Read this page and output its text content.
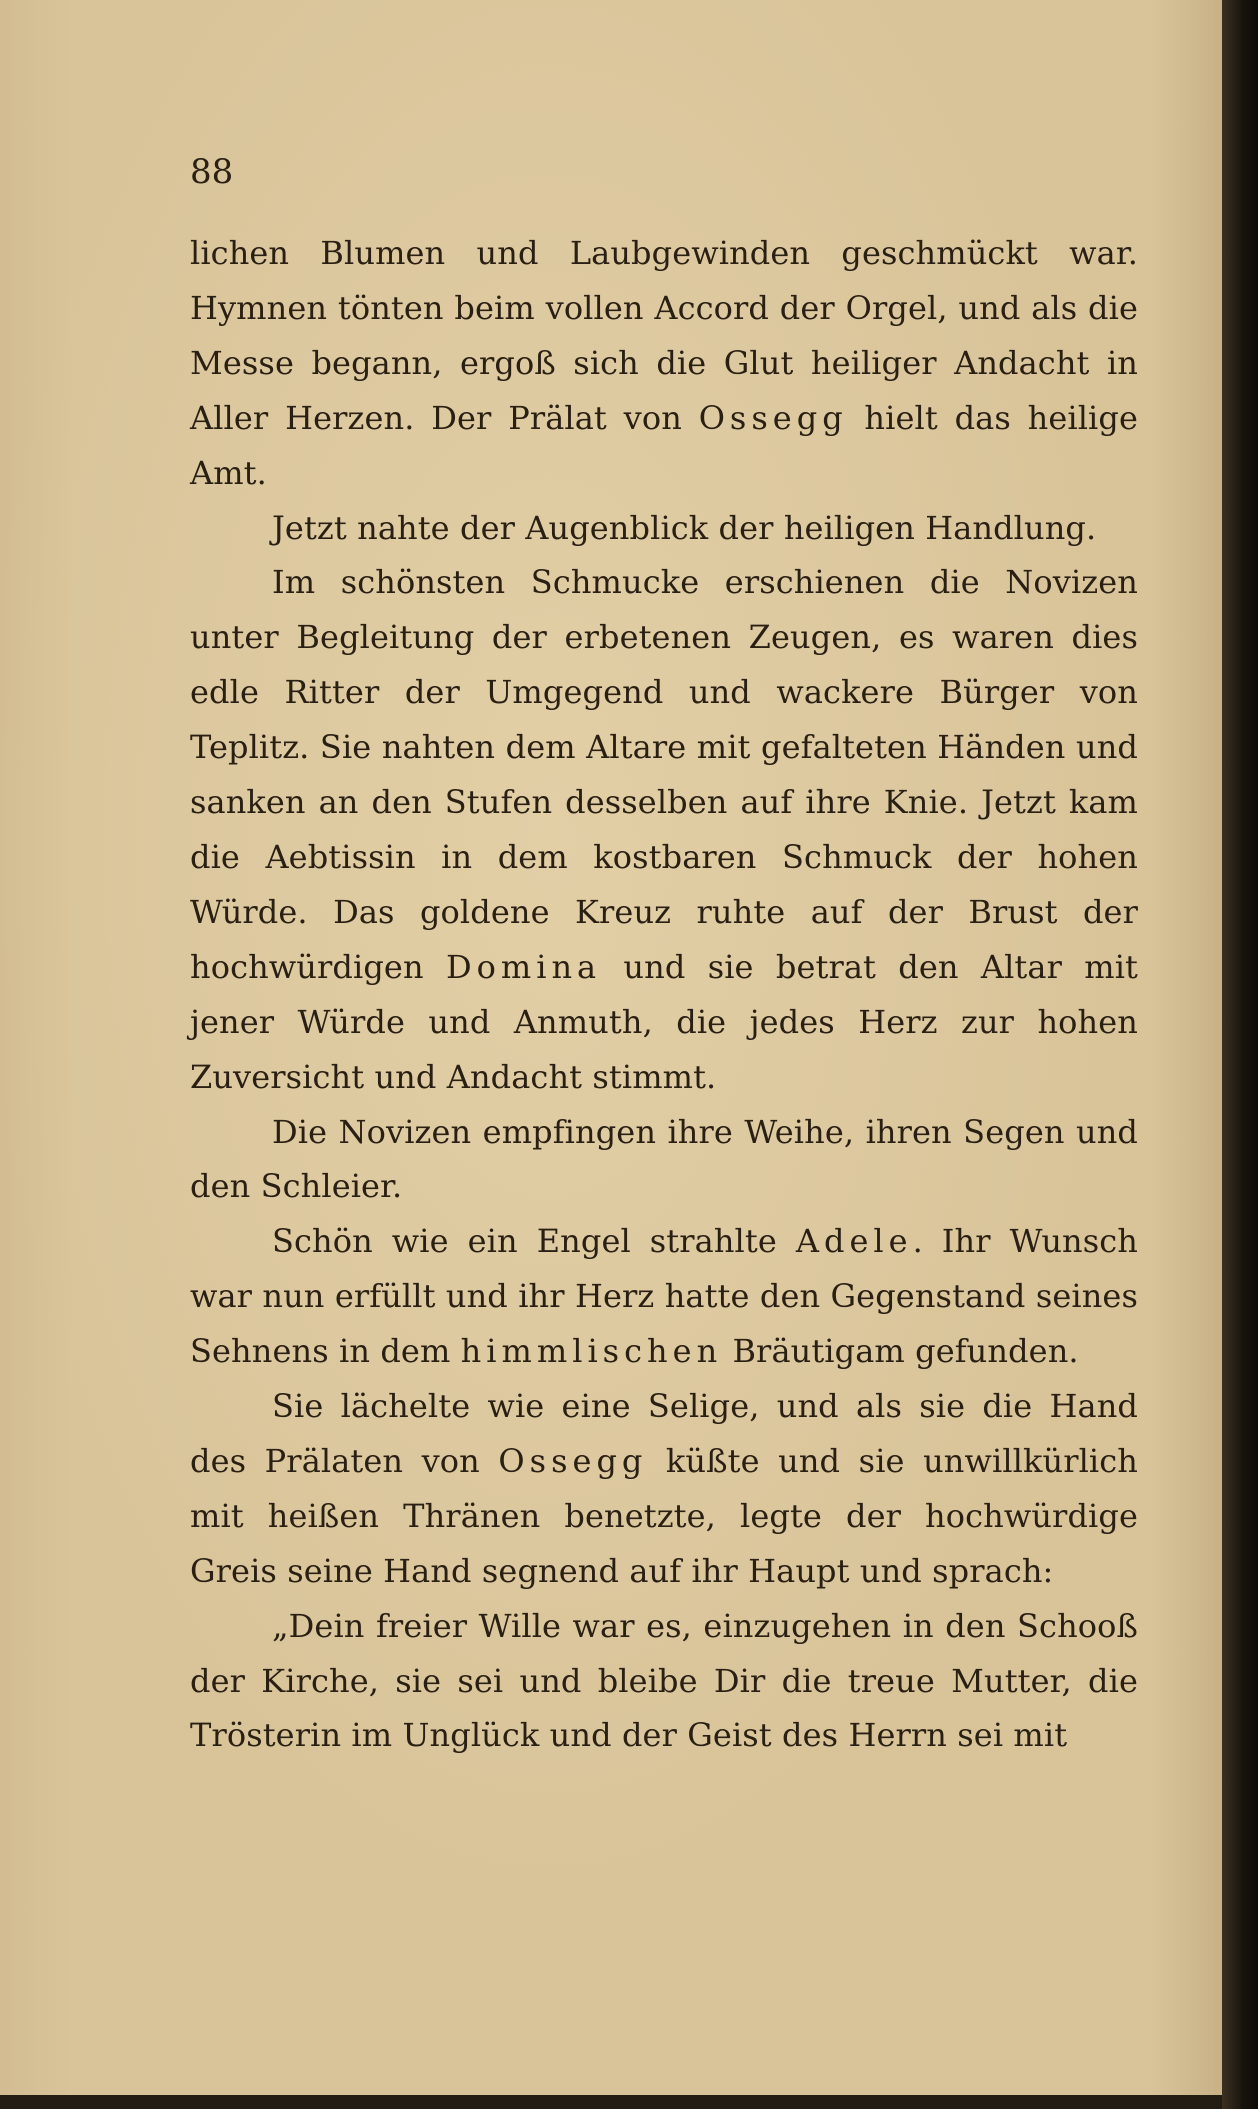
88

lichen Blumen und Laubgewinden geschmückt war. Hymnen tönten beim vollen Accord der Orgel, und als die Messe begann, ergoß sich die Glut heiliger Andacht in Aller Herzen. Der Prälat von Ossegg hielt das heilige Amt.

Jetzt nahte der Augenblick der heiligen Handlung.

Im schönsten Schmucke erschienen die Novizen unter Begleitung der erbetenen Zeugen, es waren dies edle Ritter der Umgegend und wackere Bürger von Teplitz. Sie nahten dem Altare mit gefalteten Händen und sanken an den Stufen desselben auf ihre Knie. Jetzt kam die Aebtissin in dem kostbaren Schmuck der hohen Würde. Das goldene Kreuz ruhte auf der Brust der hochwürdigen Domina und sie betrat den Altar mit jener Würde und Anmuth, die jedes Herz zur hohen Zuversicht und Andacht stimmt.

Die Novizen empfingen ihre Weihe, ihren Segen und den Schleier.

Schön wie ein Engel strahlte Adele. Ihr Wunsch war nun erfüllt und ihr Herz hatte den Gegenstand seines Sehnens in dem himmlischen Bräutigam gefunden.

Sie lächelte wie eine Selige, und als sie die Hand des Prälaten von Ossegg küßte und sie unwillkürlich mit heißen Thränen benetzte, legte der hochwürdige Greis seine Hand segnend auf ihr Haupt und sprach:

„Dein freier Wille war es, einzugehen in den Schooß der Kirche, sie sei und bleibe Dir die treue Mutter, die Trösterin im Unglück und der Geist des Herrn sei mit
